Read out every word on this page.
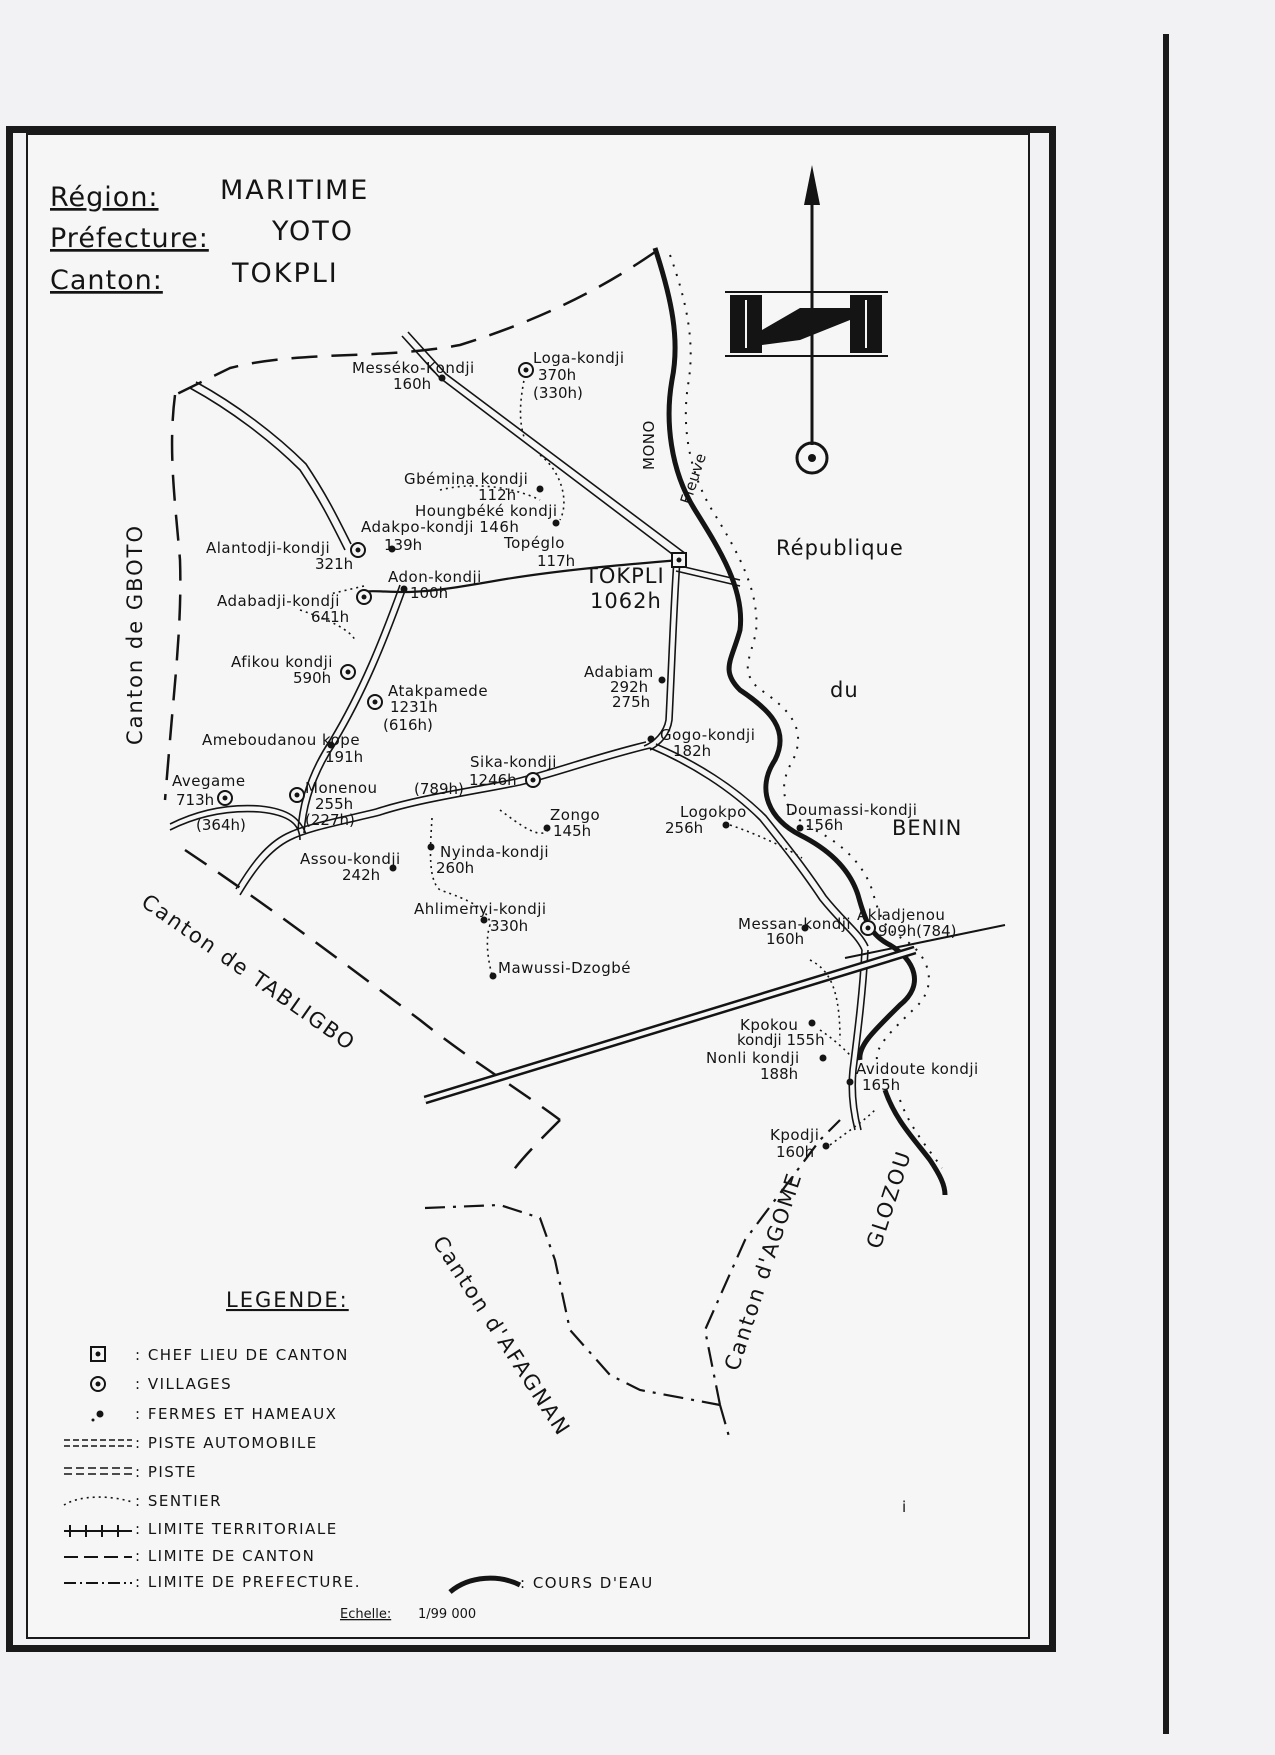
Région: MARITIME
Préfecture: YOTO
Canton:	TOKPLI
TOKPLI
1062h
Messéko-Kondji
160h
Loga-kondji
370h
(330h)
Gbémina kondji
112h
Houngbéké kondji
Adakpo-kondji 146h
139h	Topéglo
117h
Alantodji-kondji
321h
Adon-kondji
100h
Adabadji-kondji
641h
Afikou kondji
590h
Atakpamede
1231h
(616h)
Adabiam
292h
275h
Gogo-kondji
182h
Ameboudanou kope
191h	Sika-kondji
1246h
(789h)
Avegame
713h
(364h)
Monenou
255h
(227h)	Zongo
145h
Logokpo
256h
Doumassi-kondji
156h
Assou-kondji
242h
Nyinda-kondji
260h
Ahlimenyi-kondji
330h	Messan-kondji
160h
Akladjenou
909h(784)
Mawussi-Dzogbé
Kpokou
kondji 155h
Nonli kondji
188h	Avidoute kondji
165h
Kpodji
160h
République
du
BENIN
MONO
Fleuve
Canton de GBOTO
Canton de TABLIGBO
Canton d'AFAGNAN	Canton d'AGOME	GLOZOU
LEGENDE:
: CHEF LIEU DE CANTON
: VILLAGES
: FERMES ET HAMEAUX
: PISTE AUTOMOBILE
: PISTE
: SENTIER
: LIMITE TERRITORIALE
: LIMITE DE CANTON
: LIMITE DE PREFECTURE.	: COURS D'EAU
Echelle: 1/99 000
i
